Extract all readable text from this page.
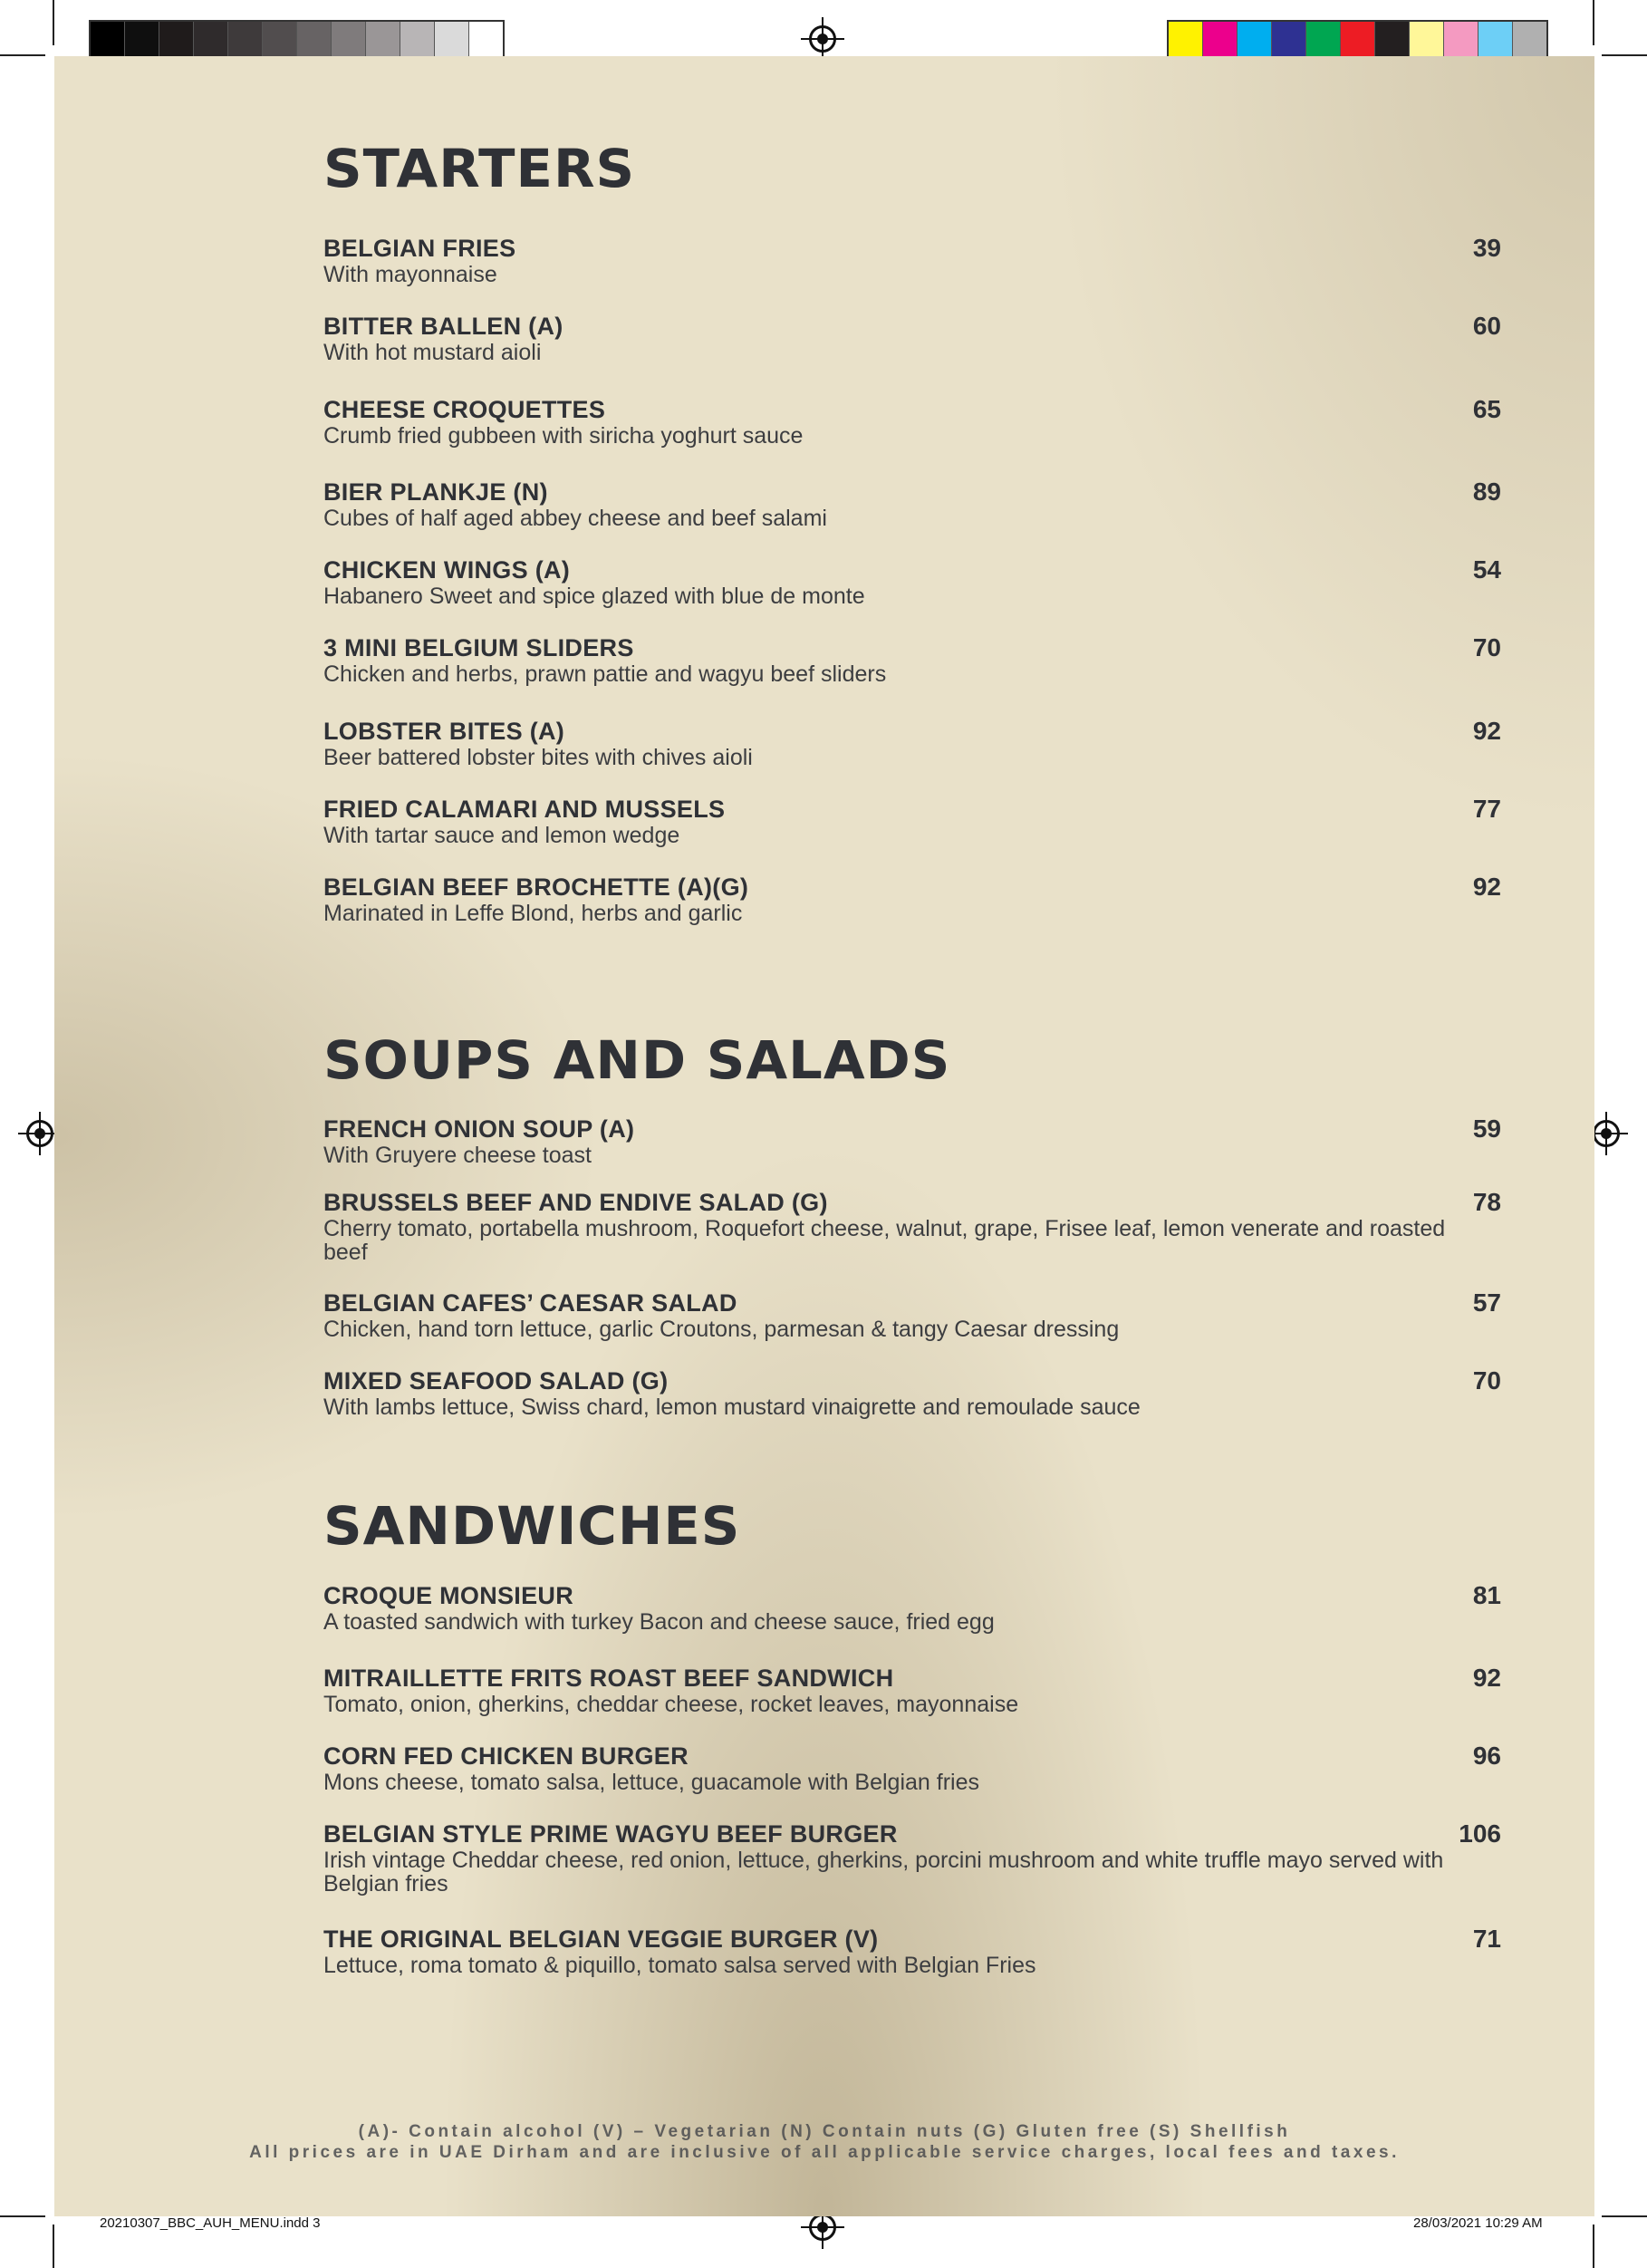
STARTERS
BELGIAN FRIES	39
With mayonnaise
BITTER BALLEN (A)	60
With hot mustard aioli
CHEESE CROQUETTES	65
Crumb fried gubbeen with siricha yoghurt sauce
BIER PLANKJE (N)	89
Cubes of half aged abbey cheese and beef salami
CHICKEN WINGS (A)	54
Habanero Sweet and spice glazed with blue de monte
3 MINI BELGIUM SLIDERS	70
Chicken and herbs, prawn pattie and wagyu beef sliders
LOBSTER BITES (A)	92
Beer battered lobster bites with chives aioli
FRIED CALAMARI AND MUSSELS	77
With tartar sauce and lemon wedge
BELGIAN BEEF BROCHETTE (A)(G)	92
Marinated in Leffe Blond, herbs and garlic
SOUPS AND SALADS
FRENCH ONION SOUP (A)	59
With Gruyere cheese toast
BRUSSELS BEEF AND ENDIVE SALAD (G)	78
Cherry tomato, portabella mushroom, Roquefort cheese, walnut, grape, Frisee leaf, lemon venerate and roasted beef
BELGIAN CAFES’ CAESAR SALAD	57
Chicken, hand torn lettuce, garlic Croutons, parmesan & tangy Caesar dressing
MIXED SEAFOOD SALAD (G)	70
With lambs lettuce, Swiss chard, lemon mustard vinaigrette and remoulade sauce
SANDWICHES
CROQUE MONSIEUR	81
A toasted sandwich with turkey Bacon and cheese sauce, fried egg
MITRAILLETTE FRITS ROAST BEEF SANDWICH	92
Tomato, onion, gherkins, cheddar cheese, rocket leaves, mayonnaise
CORN FED CHICKEN BURGER	96
Mons cheese, tomato salsa, lettuce, guacamole with Belgian fries
BELGIAN STYLE PRIME WAGYU BEEF BURGER	106
Irish vintage Cheddar cheese, red onion, lettuce, gherkins, porcini mushroom and white truffle mayo served with Belgian fries
THE ORIGINAL BELGIAN VEGGIE BURGER (V)	71
Lettuce, roma tomato & piquillo, tomato salsa served with Belgian Fries
(A)- Contain alcohol (V) – Vegetarian (N) Contain nuts (G) Gluten free (S) Shellfish
All prices are in UAE Dirham and are inclusive of all applicable service charges, local fees and taxes.
20210307_BBC_AUH_MENU.indd 3	28/03/2021 10:29 AM
